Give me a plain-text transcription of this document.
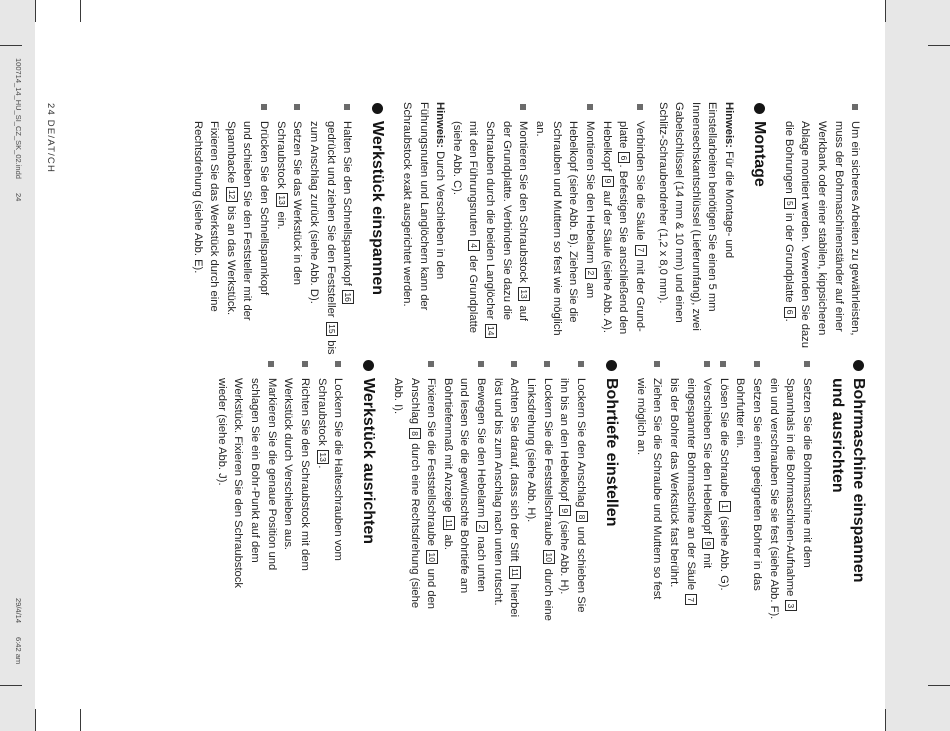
100714_14_HU_SI_CZ_SK_02.indd24
29/4/146:42 am
24 DE/AT/CH	Um ein sicheres Arbeiten zu gewährleisten,
muss der Bohrmaschinenständer auf einer
Werkbank oder einer stabilen, kippsicheren
Ablage montiert werden. Verwenden Sie dazu
die Bohrungen 5 in der Grundplatte 6.
Montage
Hinweis: Für die Montage- und
Einstellarbeiten benötigen Sie einen 5 mm
Innensechskantschlüssel (Lieferumfang), zwei
Gabelschlüssel (14 mm & 10 mm) und einen
Schlitz-Schraubendreher (1,2 x 8,0 mm).
Verbinden Sie die Säule 7 mit der Grund-
platte 6. Befestigen Sie anschließend den
Hebelkopf 9 auf der Säule (siehe Abb. A).
Montieren Sie den Hebelarm 2 am
Hebelkopf (siehe Abb. B). Ziehen Sie die
Schrauben und Muttern so fest wie möglich
an.
Montieren Sie den Schraubstock 13 auf
der Grundplatte. Verbinden Sie dazu die
Schrauben durch die beiden Langlöcher 14
mit den Führungsnuten 4 der Grundplatte
(siehe Abb. C).
Hinweis: Durch Verschieben in den
Führungsnuten und Langlöchern kann der
Schraubstock exakt ausgerichtet werden.
Werkstück einspannen
Halten Sie den Schnellspannkopf 16
gedrückt und ziehen Sie den Feststeller 15 bis
zum Anschlag zurück (siehe Abb. D).
Setzen Sie das Werkstück in den
Schraubstock 13 ein.
Drücken Sie den Schnellspannkopf
und schieben Sie den Feststeller mit der
Spannbacke 12 bis an das Werkstück.
Fixieren Sie das Werkstück durch eine
Rechtsdrehung (siehe Abb. E).
Bohrmaschine einspannen
und ausrichten
Setzen Sie die Bohrmaschine mit dem
Spannhals in die Bohrmaschinen-Aufnahme 3
ein und verschrauben Sie sie fest (siehe Abb. F).
Setzen Sie einen geeigneten Bohrer in das
Bohrfutter ein.
Lösen Sie die Schraube 1 (siehe Abb. G).
Verschieben Sie den Hebelkopf 9 mit
eingespannter Bohrmaschine an der Säule 7
bis der Bohrer das Werkstück fast berührt.
Ziehen Sie die Schraube und Muttern so fest
wie möglich an.
Bohrtiefe einstellen
Lockern Sie den Anschlag 8 und schieben Sie
ihn bis an den Hebelkopf 9 (siehe Abb. H).
Lockern Sie die Feststellschraube 10 durch eine
Linksdrehung (siehe Abb. H).
Achten Sie darauf, dass sich der Stift 11 hierbei
löst und bis zum Anschlag nach unten rutscht.
Bewegen Sie den Hebelarm 2 nach unten
und lesen Sie die gewünschte Bohrtiefe am
Bohrtiefenmaß mit Anzeige 11 ab.
Fixieren Sie die Feststellschraube 10 und den
Anschlag 8 durch eine Rechtsdrehung (siehe
Abb. I).
Werkstück ausrichten
Lockern Sie die Halteschrauben vom
Schraubstock 13.
Richten Sie den Schraubstock mit dem
Werkstück durch Verschieben aus.
Markieren Sie die genaue Position und
schlagen Sie ein Bohr-Punkt auf dem
Werkstück. Fixieren Sie den Schraubstock
wieder (siehe Abb. J).
